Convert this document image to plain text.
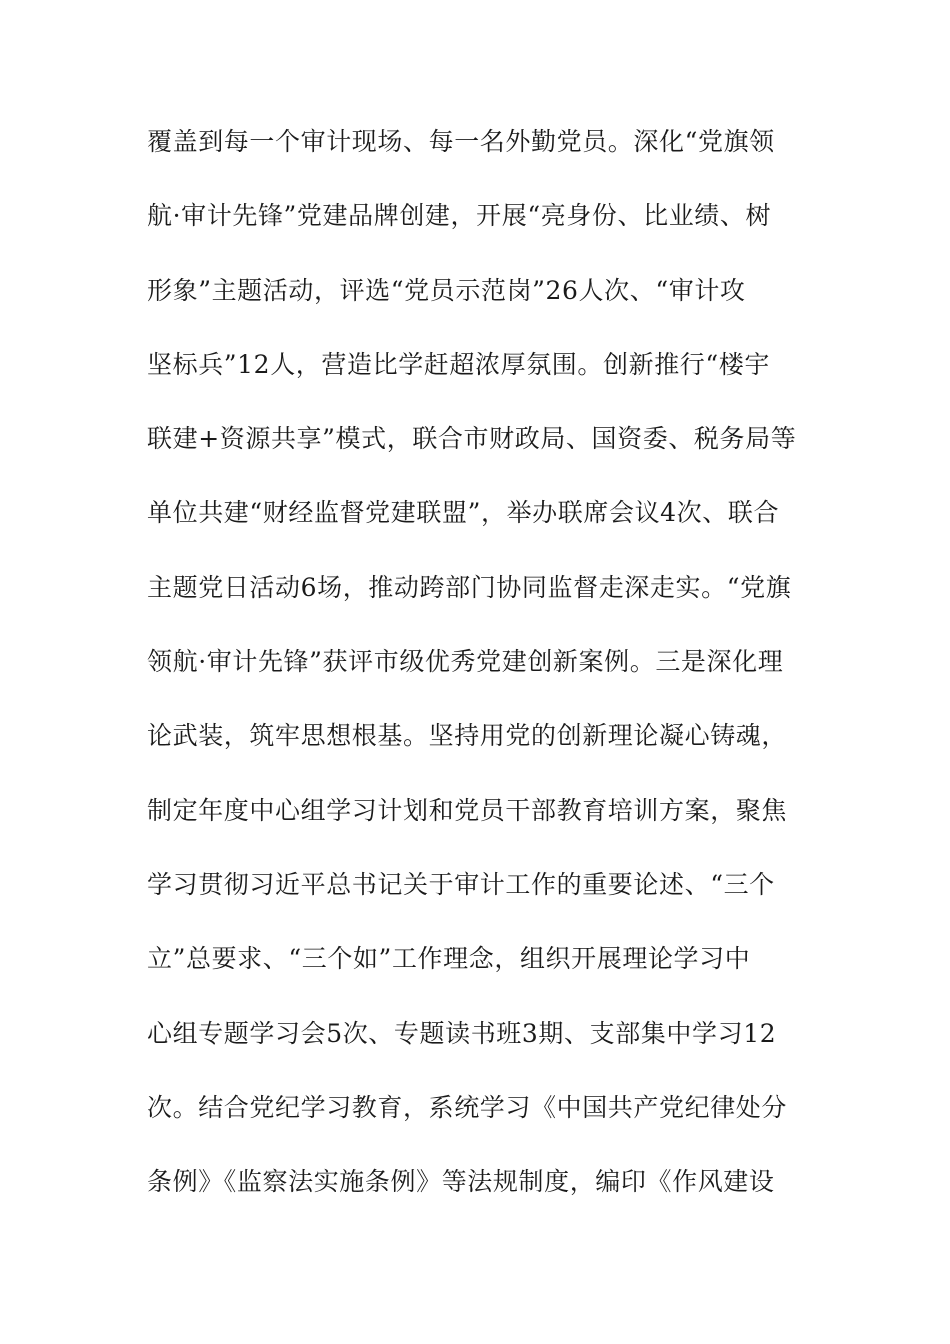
覆盖到每一个审计现场、每一名外勤党员。深化“党旗领
航·审计先锋”党建品牌创建，开展“亮身份、比业绩、树
形象”主题活动，评选“党员示范岗”26人次、“审计攻
坚标兵”12人，营造比学赶超浓厚氛围。创新推行“楼宇
联建+资源共享”模式，联合市财政局、国资委、税务局等
单位共建“财经监督党建联盟”，举办联席会议4次、联合
主题党日活动6场，推动跨部门协同监督走深走实。“党旗
领航·审计先锋”获评市级优秀党建创新案例。三是深化理
论武装，筑牢思想根基。坚持用党的创新理论凝心铸魂，
制定年度中心组学习计划和党员干部教育培训方案，聚焦
学习贯彻习近平总书记关于审计工作的重要论述、“三个
立”总要求、“三个如”工作理念，组织开展理论学习中
心组专题学习会5次、专题读书班3期、支部集中学习12
次。结合党纪学习教育，系统学习《中国共产党纪律处分
条例》《监察法实施条例》等法规制度，编印《作风建设
